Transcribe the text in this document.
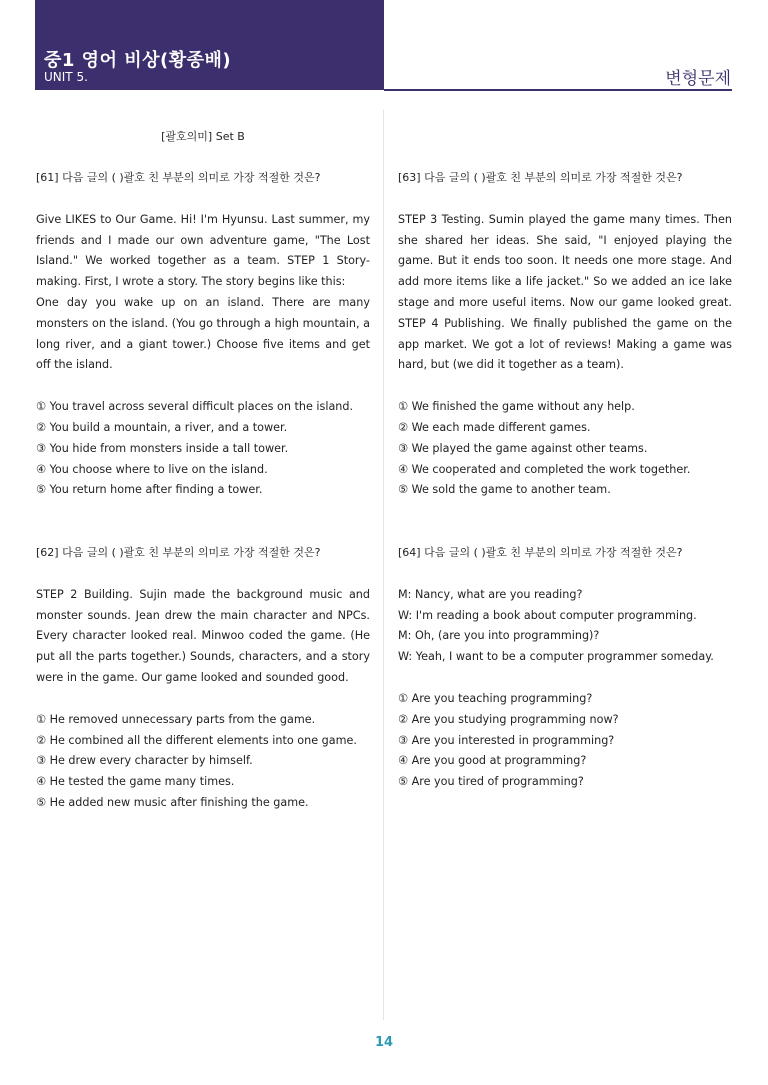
중1 영어 비상(황종배)
UNIT 5.	변형문제
[괄호의미] Set B
[61] 다음 글의 ( )괄호 친 부분의 의미로 가장 적절한 것은?

Give LIKES to Our Game. Hi! I'm Hyunsu. Last summer, my friends and I made our own adventure game, "The Lost Island." We worked together as a team. STEP 1 Story-making. First, I wrote a story. The story begins like this:

One day you wake up on an island. There are many monsters on the island. (You go through a high mountain, a long river, and a giant tower.) Choose five items and get off the island.

① You travel across several difficult places on the island.
② You build a mountain, a river, and a tower.
③ You hide from monsters inside a tall tower.
④ You choose where to live on the island.
⑤ You return home after finding a tower.
[62] 다음 글의 ( )괄호 친 부분의 의미로 가장 적절한 것은?

STEP 2 Building. Sujin made the background music and monster sounds. Jean drew the main character and NPCs. Every character looked real. Minwoo coded the game. (He put all the parts together.) Sounds, characters, and a story were in the game. Our game looked and sounded good.

① He removed unnecessary parts from the game.
② He combined all the different elements into one game.
③ He drew every character by himself.
④ He tested the game many times.
⑤ He added new music after finishing the game.
[63] 다음 글의 ( )괄호 친 부분의 의미로 가장 적절한 것은?

STEP 3 Testing. Sumin played the game many times. Then she shared her ideas. She said, "I enjoyed playing the game. But it ends too soon. It needs one more stage. And add more items like a life jacket." So we added an ice lake stage and more useful items. Now our game looked great. STEP 4 Publishing. We finally published the game on the app market. We got a lot of reviews! Making a game was hard, but (we did it together as a team).

① We finished the game without any help.
② We each made different games.
③ We played the game against other teams.
④ We cooperated and completed the work together.
⑤ We sold the game to another team.
[64] 다음 글의 ( )괄호 친 부분의 의미로 가장 적절한 것은?
M: Nancy, what are you reading?
W: I'm reading a book about computer programming.
M: Oh, (are you into programming)?
W: Yeah, I want to be a computer programmer someday.
① Are you teaching programming?
② Are you studying programming now?
③ Are you interested in programming?
④ Are you good at programming?
⑤ Are you tired of programming?
14
